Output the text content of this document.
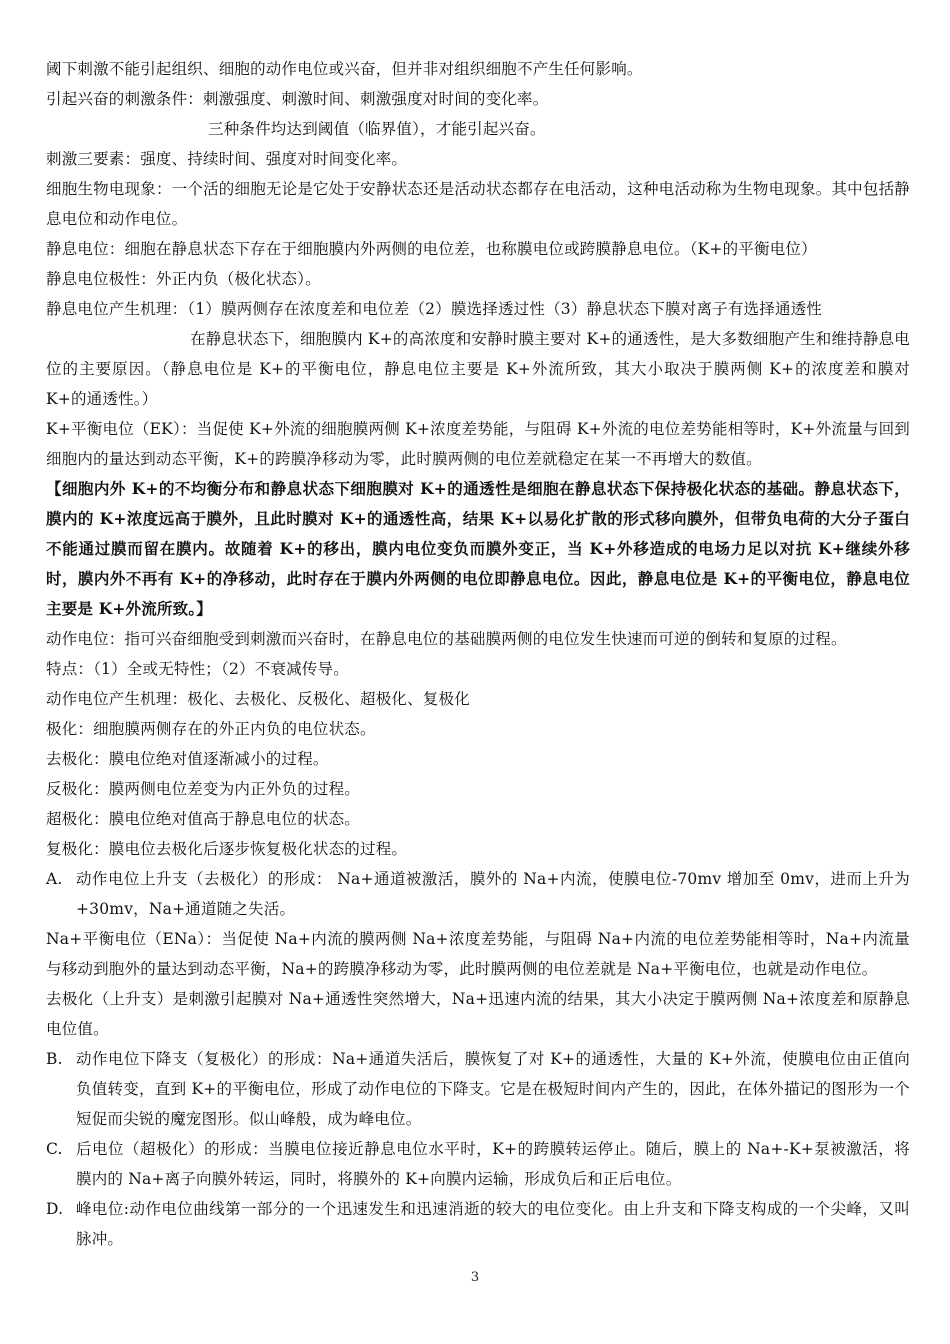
阈下刺激不能引起组织、细胞的动作电位或兴奋，但并非对组织细胞不产生任何影响。

引起兴奋的刺激条件：刺激强度、刺激时间、刺激强度对时间的变化率。

三种条件均达到阈值（临界值），才能引起兴奋。

刺激三要素：强度、持续时间、强度对时间变化率。

细胞生物电现象：一个活的细胞无论是它处于安静状态还是活动状态都存在电活动，这种电活动称为生物电现象。其中包括静息电位和动作电位。

静息电位：细胞在静息状态下存在于细胞膜内外两侧的电位差，也称膜电位或跨膜静息电位。（K+的平衡电位）

静息电位极性：外正内负（极化状态）。

静息电位产生机理：（1）膜两侧存在浓度差和电位差（2）膜选择透过性（3）静息状态下膜对离子有选择通透性

在静息状态下，细胞膜内 K+的高浓度和安静时膜主要对 K+的通透性，是大多数细胞产生和维持静息电位的主要原因。（静息电位是 K+的平衡电位，静息电位主要是 K+外流所致，其大小取决于膜两侧 K+的浓度差和膜对 K+的通透性。）

K+平衡电位（EK）：当促使 K+外流的细胞膜两侧 K+浓度差势能，与阻碍 K+外流的电位差势能相等时，K+外流量与回到细胞内的量达到动态平衡，K+的跨膜净移动为零，此时膜两侧的电位差就稳定在某一不再增大的数值。

【细胞内外 K+的不均衡分布和静息状态下细胞膜对 K+的通透性是细胞在静息状态下保持极化状态的基础。静息状态下，膜内的 K+浓度远高于膜外，且此时膜对 K+的通透性高，结果 K+以易化扩散的形式移向膜外，但带负电荷的大分子蛋白不能通过膜而留在膜内。故随着 K+的移出，膜内电位变负而膜外变正，当 K+外移造成的电场力足以对抗 K+继续外移时，膜内外不再有 K+的净移动，此时存在于膜内外两侧的电位即静息电位。因此，静息电位是 K+的平衡电位，静息电位主要是 K+外流所致。】

动作电位：指可兴奋细胞受到刺激而兴奋时，在静息电位的基础膜两侧的电位发生快速而可逆的倒转和复原的过程。

特点：（1）全或无特性；（2）不衰减传导。

动作电位产生机理：极化、去极化、反极化、超极化、复极化

极化：细胞膜两侧存在的外正内负的电位状态。

去极化：膜电位绝对值逐渐减小的过程。

反极化：膜两侧电位差变为内正外负的过程。

超极化：膜电位绝对值高于静息电位的状态。

复极化：膜电位去极化后逐步恢复极化状态的过程。

A. 动作电位上升支（去极化）的形成： Na+通道被激活，膜外的 Na+内流，使膜电位-70mv 增加至 0mv，进而上升为+30mv，Na+通道随之失活。

Na+平衡电位（ENa）：当促使 Na+内流的膜两侧 Na+浓度差势能，与阻碍 Na+内流的电位差势能相等时，Na+内流量与移动到胞外的量达到动态平衡，Na+的跨膜净移动为零，此时膜两侧的电位差就是 Na+平衡电位，也就是动作电位。

去极化（上升支）是刺激引起膜对 Na+通透性突然增大，Na+迅速内流的结果，其大小决定于膜两侧 Na+浓度差和原静息电位值。

B. 动作电位下降支（复极化）的形成：Na+通道失活后，膜恢复了对 K+的通透性，大量的 K+外流，使膜电位由正值向负值转变，直到 K+的平衡电位，形成了动作电位的下降支。它是在极短时间内产生的，因此，在体外描记的图形为一个短促而尖锐的魔宠图形。似山峰般，成为峰电位。
C. 后电位（超极化）的形成：当膜电位接近静息电位水平时，K+的跨膜转运停止。随后，膜上的 Na+-K+泵被激活，将膜内的 Na+离子向膜外转运，同时，将膜外的 K+向膜内运输，形成负后和正后电位。
D. 峰电位:动作电位曲线第一部分的一个迅速发生和迅速消逝的较大的电位变化。由上升支和下降支构成的一个尖峰，又叫脉冲。
3
